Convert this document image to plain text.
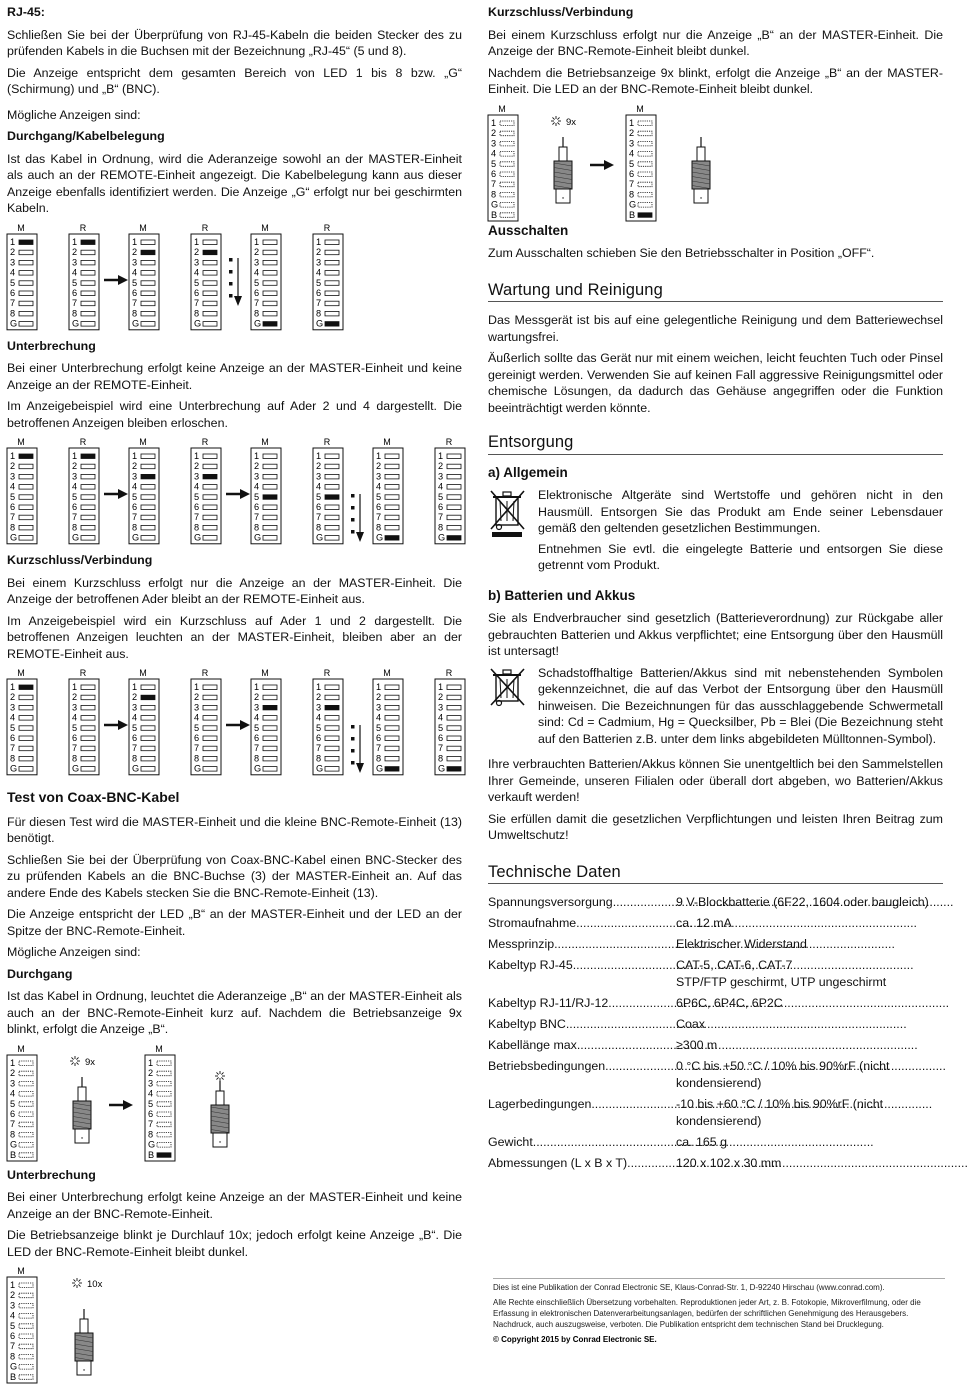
RJ-45:

Schließen Sie bei der Überprüfung von RJ-45-Kabeln die beiden Stecker des zu prüfenden Kabels in die Buchsen mit der Bezeichnung „RJ-45“ (5 und 8).

Die Anzeige entspricht dem gesamten Bereich von LED 1 bis 8 bzw. „G“ (Schirmung) und „B“ (BNC).

Mögliche Anzeigen sind:

Durchgang/Kabelbelegung

Ist das Kabel in Ordnung, wird die Aderanzeige sowohl an der MASTER-Einheit als auch an der REMOTE-Einheit angezeigt. Die Kabelbelegung kann aus dieser Anzeige ebenfalls identifiziert werden. Die Anzeige „G“ erfolgt nur bei geschirmten Kabeln.

M
1
2
3
4
5
6
7
8
G
R
1
2
3
4
5
6
7
8
G
M
1
2
3
4
5
6
7
8
G
R
1
2
3
4
5
6
7
8
G
M
1
2
3
4
5
6
7
8
G
R
1
2
3
4
5
6
7
8
G
Unterbrechung

Bei einer Unterbrechung erfolgt keine Anzeige an der MASTER-Einheit und keine Anzeige an der REMOTE-Einheit.

Im Anzeigebeispiel wird eine Unterbrechung auf Ader 2 und 4 dargestellt. Die betroffenen Anzeigen bleiben erloschen.

M
1
2
3
4
5
6
7
8
G
R
1
2
3
4
5
6
7
8
G
M
1
2
3
4
5
6
7
8
G
R
1
2
3
4
5
6
7
8
G
M
1
2
3
4
5
6
7
8
G
R
1
2
3
4
5
6
7
8
G
M
1
2
3
4
5
6
7
8
G
R
1
2
3
4
5
6
7
8
G
Kurzschluss/Verbindung

Bei einem Kurzschluss erfolgt nur die Anzeige an der MASTER-Einheit. Die Anzeige der betroffenen Ader bleibt an der REMOTE-Einheit aus.

Im Anzeigebeispiel wird ein Kurzschluss auf Ader 1 und 2 dargestellt. Die betroffenen Anzeigen leuchten an der MASTER-Einheit, bleiben aber an der REMOTE-Einheit aus.

M
1
2
3
4
5
6
7
8
G
R
1
2
3
4
5
6
7
8
G
M
1
2
3
4
5
6
7
8
G
R
1
2
3
4
5
6
7
8
G
M
1
2
3
4
5
6
7
8
G
R
1
2
3
4
5
6
7
8
G
M
1
2
3
4
5
6
7
8
G
R
1
2
3
4
5
6
7
8
G
Test von Coax-BNC-Kabel

Für diesen Test wird die MASTER-Einheit und die kleine BNC-Remote-Einheit (13) benötigt.

Schließen Sie bei der Überprüfung von Coax-BNC-Kabel einen BNC-Stecker des zu prüfenden Kabels an die BNC-Buchse (3) der MASTER-Einheit an. Auf das andere Ende des Kabels stecken Sie die BNC-Remote-Einheit (13).

Die Anzeige entspricht der LED „B“ an der MASTER-Einheit und der LED an der Spitze der BNC-Remote-Einheit.

Mögliche Anzeigen sind:

Durchgang

Ist das Kabel in Ordnung, leuchtet die Aderanzeige „B“ an der MASTER-Einheit als auch an der BNC-Remote-Einheit kurz auf. Nachdem die Betriebsanzeige 9x blinkt, erfolgt die Anzeige „B“.

M
1
2
3
4
5
6
7
8
G
B
9x
▫
M
1
2
3
4
5
6
7
8
G
B
▫
Unterbrechung

Bei einer Unterbrechung erfolgt keine Anzeige an der MASTER-Einheit und keine Anzeige an der BNC-Remote-Einheit.

Die Betriebsanzeige blinkt je Durchlauf 10x; jedoch erfolgt keine Anzeige „B“. Die LED der BNC-Remote-Einheit bleibt dunkel.

M
1
2
3
4
5
6
7
8
G
B
10x
▫
Kurzschluss/Verbindung

Bei einem Kurzschluss erfolgt nur die Anzeige „B“ an der MASTER-Einheit. Die Anzeige der BNC-Remote-Einheit bleibt dunkel.

Nachdem die Betriebsanzeige 9x blinkt, erfolgt die Anzeige „B“ an der MASTER-Einheit. Die LED an der BNC-Remote-Einheit bleibt dunkel.

M
1
2
3
4
5
6
7
8
G
B
9x
▫
M
1
2
3
4
5
6
7
8
G
B
▫
Ausschalten

Zum Ausschalten schieben Sie den Betriebsschalter in Position „OFF“.

Wartung und Reinigung

Das Messgerät ist bis auf eine gelegentliche Reinigung und dem Batteriewechsel wartungsfrei.

Äußerlich sollte das Gerät nur mit einem weichen, leicht feuchten Tuch oder Pinsel gereinigt werden. Verwenden Sie auf keinen Fall aggressive Reinigungsmittel oder chemische Lösungen, da dadurch das Gehäuse angegriffen oder die Funktion beeinträchtigt werden könnte.

Entsorgung
a) Allgemein

Elektronische Altgeräte sind Wertstoffe und gehören nicht in den Hausmüll. Entsorgen Sie das Produkt am Ende seiner Lebensdauer gemäß den geltenden gesetzlichen Bestimmungen.

Entnehmen Sie evtl. die eingelegte Batterie und entsorgen Sie diese getrennt vom Produkt.

b) Batterien und Akkus

Sie als Endverbraucher sind gesetzlich (Batterieverordnung) zur Rückgabe aller gebrauchten Batterien und Akkus verpflichtet; eine Entsorgung über den Hausmüll ist untersagt!

Schadstoffhaltige Batterien/Akkus sind mit nebenstehenden Symbolen gekennzeichnet, die auf das Verbot der Entsorgung über den Hausmüll hinweisen. Die Bezeichnungen für das ausschlaggebende Schwermetall sind: Cd = Cadmium, Hg = Quecksilber, Pb = Blei (Die Bezeichnung steht auf den Batterien z.B. unter dem links abgebildeten Mülltonnen-Symbol).

Ihre verbrauchten Batterien/Akkus können Sie unentgeltlich bei den Sammelstellen Ihrer Gemeinde, unseren Filialen oder überall dort abgeben, wo Batterien/Akkus verkauft werden!

Sie erfüllen damit die gesetzlichen Verpflichtungen und leisten Ihren Beitrag zum Umweltschutz!

Technische Daten
Spannungsversorgung .....	9 V-Blockbatterie (6F22, 1604 oder baugleich)
Stromaufnahme .....	ca. 12 mA
Messprinzip .....	Elektrischer Widerstand
Kabeltyp RJ-45 .....	CAT-5, CAT-6, CAT-7
STP/FTP geschirmt, UTP ungeschirmt
Kabeltyp RJ-11/RJ-12 .....	6P6C, 6P4C, 6P2C
Kabeltyp BNC .....	Coax
Kabellänge max .....	≥300 m
Betriebsbedingungen .....	0 °C bis +50 °C / 10% bis 90%rF (nicht kondensierend)
Lagerbedingungen .....	-10 bis +60 °C / 10% bis 90%rF (nicht kondensierend)
Gewicht .....	ca. 165 g
Abmessungen (L x B x T) .....	120 x 102 x 30 mm

Dies ist eine Publikation der Conrad Electronic SE, Klaus-Conrad-Str. 1, D-92240 Hirschau (www.conrad.com).

Alle Rechte einschließlich Übersetzung vorbehalten. Reproduktionen jeder Art, z. B. Fotokopie, Mikroverfilmung, oder die Erfassung in elektronischen Datenverarbeitungsanlagen, bedürfen der schriftlichen Genehmigung des Herausgebers. Nachdruck, auch auszugsweise, verboten. Die Publikation entspricht dem technischen Stand bei Drucklegung.

© Copyright 2015 by Conrad Electronic SE.
